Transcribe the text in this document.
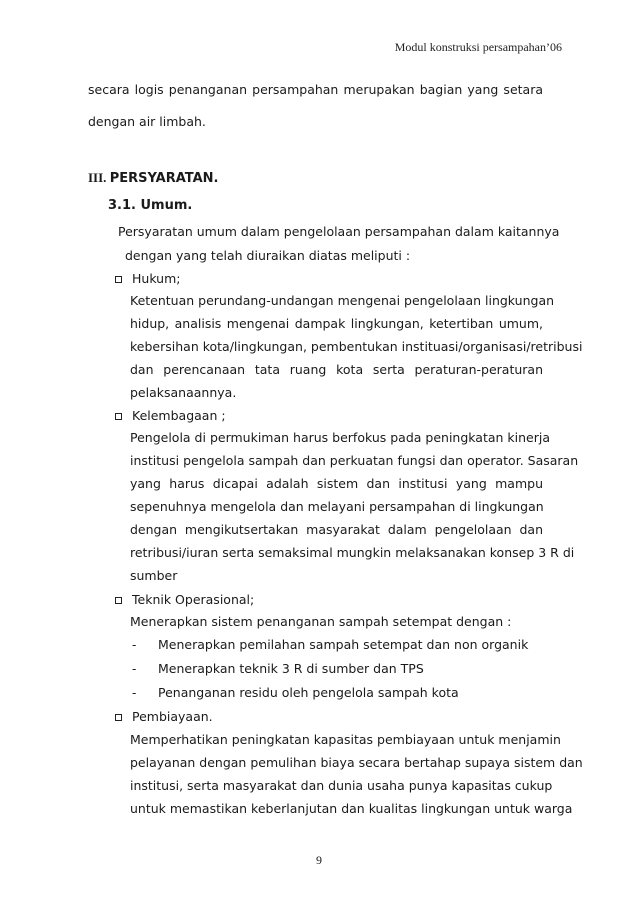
Modul konstruksi persampahan’06
secara logis penanganan persampahan merupakan bagian yang setara
dengan air limbah.
III. PERSYARATAN.
3.1. Umum.
Persyaratan umum dalam pengelolaan persampahan dalam kaitannya
dengan yang telah diuraikan diatas meliputi :
Hukum;
Ketentuan perundang-undangan mengenai pengelolaan lingkungan
hidup, analisis mengenai dampak lingkungan, ketertiban umum,
kebersihan kota/lingkungan, pembentukan instituasi/organisasi/retribusi
dan perencanaan tata ruang kota serta peraturan-peraturan
pelaksanaannya.
Kelembagaan ;
Pengelola di permukiman harus berfokus pada peningkatan kinerja
institusi pengelola sampah dan perkuatan fungsi dan operator. Sasaran
yang harus dicapai adalah sistem dan institusi yang mampu
sepenuhnya mengelola dan melayani persampahan di lingkungan
dengan mengikutsertakan masyarakat dalam pengelolaan dan
retribusi/iuran serta semaksimal mungkin melaksanakan konsep 3 R di
sumber
Teknik Operasional;
Menerapkan sistem penanganan sampah setempat dengan :
- Menerapkan pemilahan sampah setempat dan non organik
- Menerapkan teknik 3 R di sumber dan TPS
- Penanganan residu oleh pengelola sampah kota
Pembiayaan.
Memperhatikan peningkatan kapasitas pembiayaan untuk menjamin
pelayanan dengan pemulihan biaya secara bertahap supaya sistem dan
institusi, serta masyarakat dan dunia usaha punya kapasitas cukup
untuk memastikan keberlanjutan dan kualitas lingkungan untuk warga
9
